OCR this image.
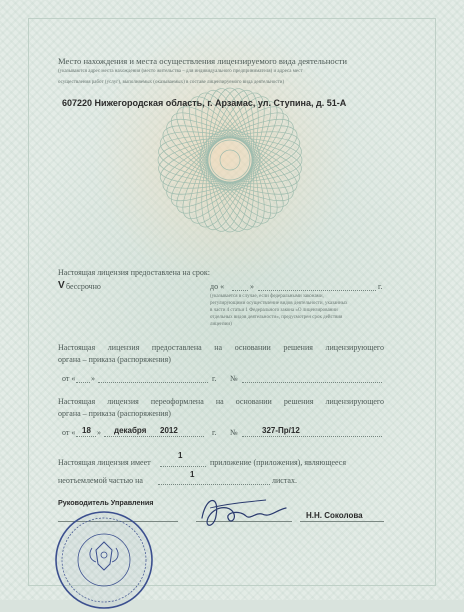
Место нахождения и места осуществления лицензируемого вида деятельности
(указываются адрес места нахождения (место жительства – для индивидуального предпринимателя) и адреса мест
осуществления работ (услуг), выполняемых (оказываемых) в составе лицензируемого вида деятельности)
607220 Нижегородская область, г. Арзамас, ул. Ступина, д. 51-А
Настоящая лицензия предоставлена на срок:
V бессрочно	до «	»	г.
(указывается в случае, если федеральными законами,
регулирующими осуществление видов деятельности, указанных
в части 4 статьи 1 Федерального закона «О лицензировании
отдельных видов деятельности», предусмотрен срок действия
лицензии)
Настоящая лицензия предоставлена на основании решения лицензирующего
органа – приказа (распоряжения)
от « »	г. №
Настоящая лицензия переоформлена на основании решения лицензирующего
органа – приказа (распоряжения)
от « 18 » декабря 2012	г. №	327-Пр/12
Настоящая лицензия имеет
1
приложение (приложения), являющееся
неотъемлемой частью на
1
листах.
Руководитель Управления
Н.Н. Соколова
